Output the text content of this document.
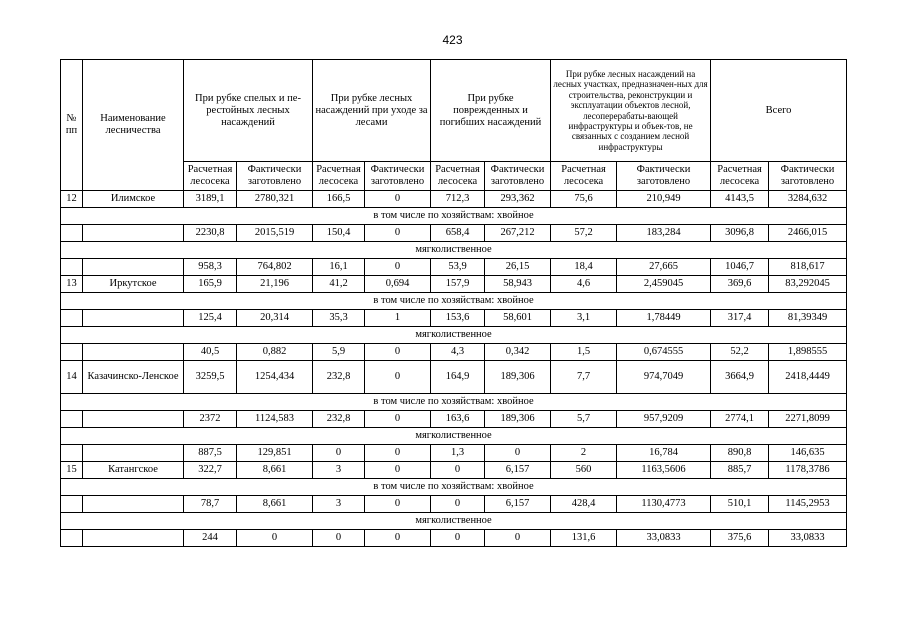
423
№ пп	Наименование лесничества	При рубке спелых и пе-рестойных лесных насаждений		При рубке лесных насаждений при уходе за лесами		При рубке поврежденных и погибших насаждений		При рубке лесных насаждений на лесных участках, предназначен-ных для строительства, реконструкции и эксплуатации объектов лесной, лесоперерабаты-вающей инфраструктуры и объек-тов, не связанных с созданием лесной инфраструктуры		Всего	
		Расчетная лесосека	Фактически заготовлено	Расчетная лесосека	Фактически заготовлено	Расчетная лесосека	Фактически заготовлено	Расчетная лесосека	Фактически заготовлено	Расчетная лесосека	Фактически заготовлено
12	Илимское	3189,1	2780,321	166,5	0	712,3	293,362	75,6	210,949	4143,5	3284,632
в том числе по хозяйствам: хвойное											
		2230,8	2015,519	150,4	0	658,4	267,212	57,2	183,284	3096,8	2466,015
мягколиственное											
		958,3	764,802	16,1	0	53,9	26,15	18,4	27,665	1046,7	818,617
13	Иркутское	165,9	21,196	41,2	0,694	157,9	58,943	4,6	2,459045	369,6	83,292045
в том числе по хозяйствам: хвойное											
		125,4	20,314	35,3	1	153,6	58,601	3,1	1,78449	317,4	81,39349
мягколиственное											
		40,5	0,882	5,9	0	4,3	0,342	1,5	0,674555	52,2	1,898555
14	Казачинско-Ленское	3259,5	1254,434	232,8	0	164,9	189,306	7,7	974,7049	3664,9	2418,4449
в том числе по хозяйствам: хвойное											
		2372	1124,583	232,8	0	163,6	189,306	5,7	957,9209	2774,1	2271,8099
мягколиственное											
		887,5	129,851	0	0	1,3	0	2	16,784	890,8	146,635
15	Катангское	322,7	8,661	3	0	0	6,157	560	1163,5606	885,7	1178,3786
в том числе по хозяйствам: хвойное											
		78,7	8,661	3	0	0	6,157	428,4	1130,4773	510,1	1145,2953
мягколиственное											
		244	0	0	0	0	0	131,6	33,0833	375,6	33,0833
